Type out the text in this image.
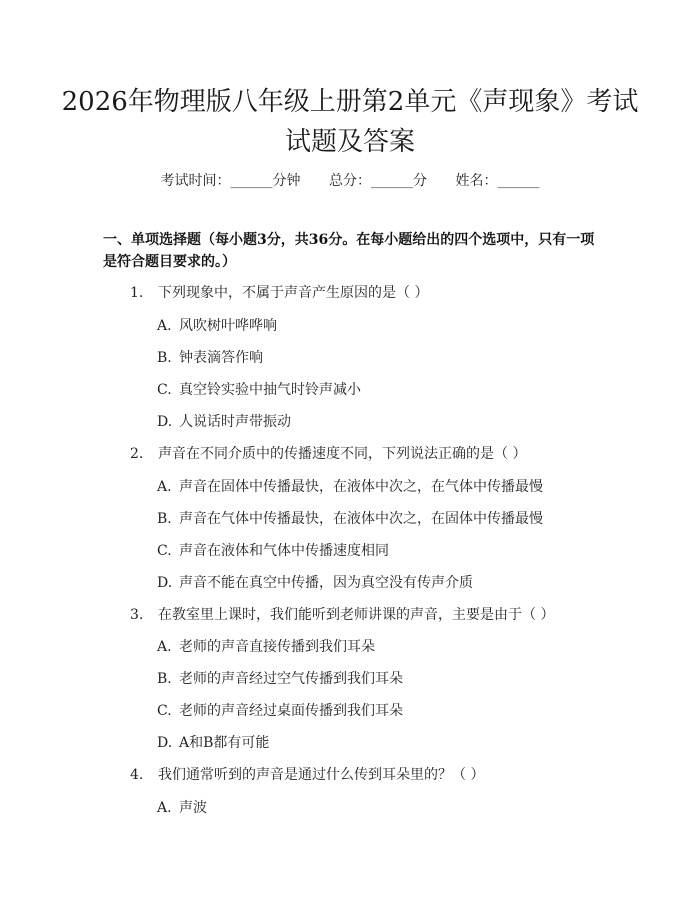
2026年物理版八年级上册第2单元《声现象》考试试题及答案
考试时间：______分钟 总分：______分 姓名：______
一、单项选择题（每小题3分，共36分。在每小题给出的四个选项中，只有一项是符合题目要求的。）
1. 下列现象中，不属于声音产生原因的是（ ）
A. 风吹树叶哗哗响
B. 钟表滴答作响
C. 真空铃实验中抽气时铃声减小
D. 人说话时声带振动
2. 声音在不同介质中的传播速度不同，下列说法正确的是（ ）
A. 声音在固体中传播最快，在液体中次之，在气体中传播最慢
B. 声音在气体中传播最快，在液体中次之，在固体中传播最慢
C. 声音在液体和气体中传播速度相同
D. 声音不能在真空中传播，因为真空没有传声介质
3. 在教室里上课时，我们能听到老师讲课的声音，主要是由于（ ）
A. 老师的声音直接传播到我们耳朵
B. 老师的声音经过空气传播到我们耳朵
C. 老师的声音经过桌面传播到我们耳朵
D. A和B都有可能
4. 我们通常听到的声音是通过什么传到耳朵里的？（ ）
A. 声波
